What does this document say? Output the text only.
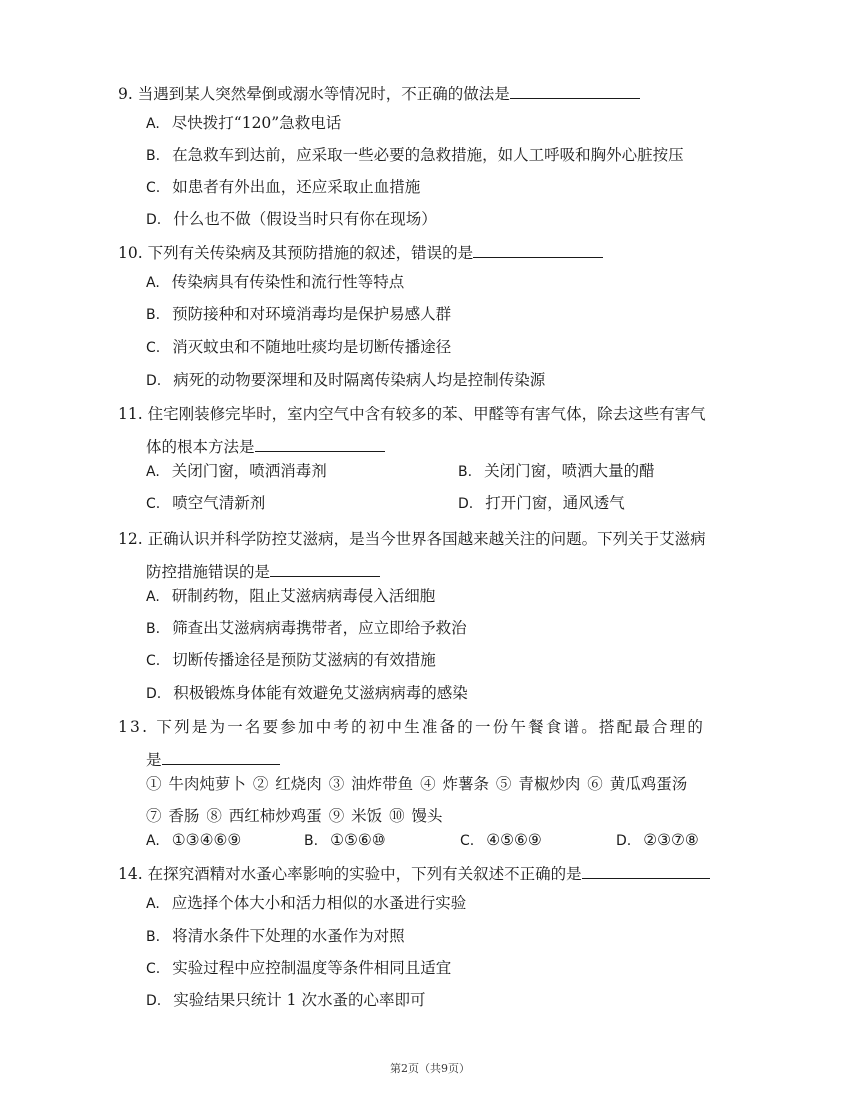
9. 当遇到某人突然晕倒或溺水等情况时，不正确的做法是
A. 尽快拨打“120”急救电话
B. 在急救车到达前，应采取一些必要的急救措施，如人工呼吸和胸外心脏按压
C. 如患者有外出血，还应采取止血措施
D. 什么也不做（假设当时只有你在现场）
10. 下列有关传染病及其预防措施的叙述，错误的是
A. 传染病具有传染性和流行性等特点
B. 预防接种和对环境消毒均是保护易感人群
C. 消灭蚊虫和不随地吐痰均是切断传播途径
D. 病死的动物要深埋和及时隔离传染病人均是控制传染源
11. 住宅刚装修完毕时，室内空气中含有较多的苯、甲醛等有害气体，除去这些有害气
体的根本方法是
A. 关闭门窗，喷洒消毒剂	B. 关闭门窗，喷洒大量的醋
C. 喷空气清新剂	D. 打开门窗，通风透气
12. 正确认识并科学防控艾滋病，是当今世界各国越来越关注的问题。下列关于艾滋病
防控措施错误的是
A. 研制药物，阻止艾滋病病毒侵入活细胞
B. 筛查出艾滋病病毒携带者，应立即给予救治
C. 切断传播途径是预防艾滋病的有效措施
D. 积极锻炼身体能有效避免艾滋病病毒的感染
13. 下列是为一名要参加中考的初中生准备的一份午餐食谱。搭配最合理的
是
① 牛肉炖萝卜 ② 红烧肉 ③ 油炸带鱼 ④ 炸薯条 ⑤ 青椒炒肉 ⑥ 黄瓜鸡蛋汤
⑦ 香肠 ⑧ 西红柿炒鸡蛋 ⑨ 米饭 ⑩ 馒头
A. ①③④⑥⑨	B. ①⑤⑥⑩	C. ④⑤⑥⑨	D. ②③⑦⑧
14. 在探究酒精对水蚤心率影响的实验中，下列有关叙述不正确的是
A. 应选择个体大小和活力相似的水蚤进行实验
B. 将清水条件下处理的水蚤作为对照
C. 实验过程中应控制温度等条件相同且适宜
D. 实验结果只统计 1 次水蚤的心率即可
第2页（共9页）
